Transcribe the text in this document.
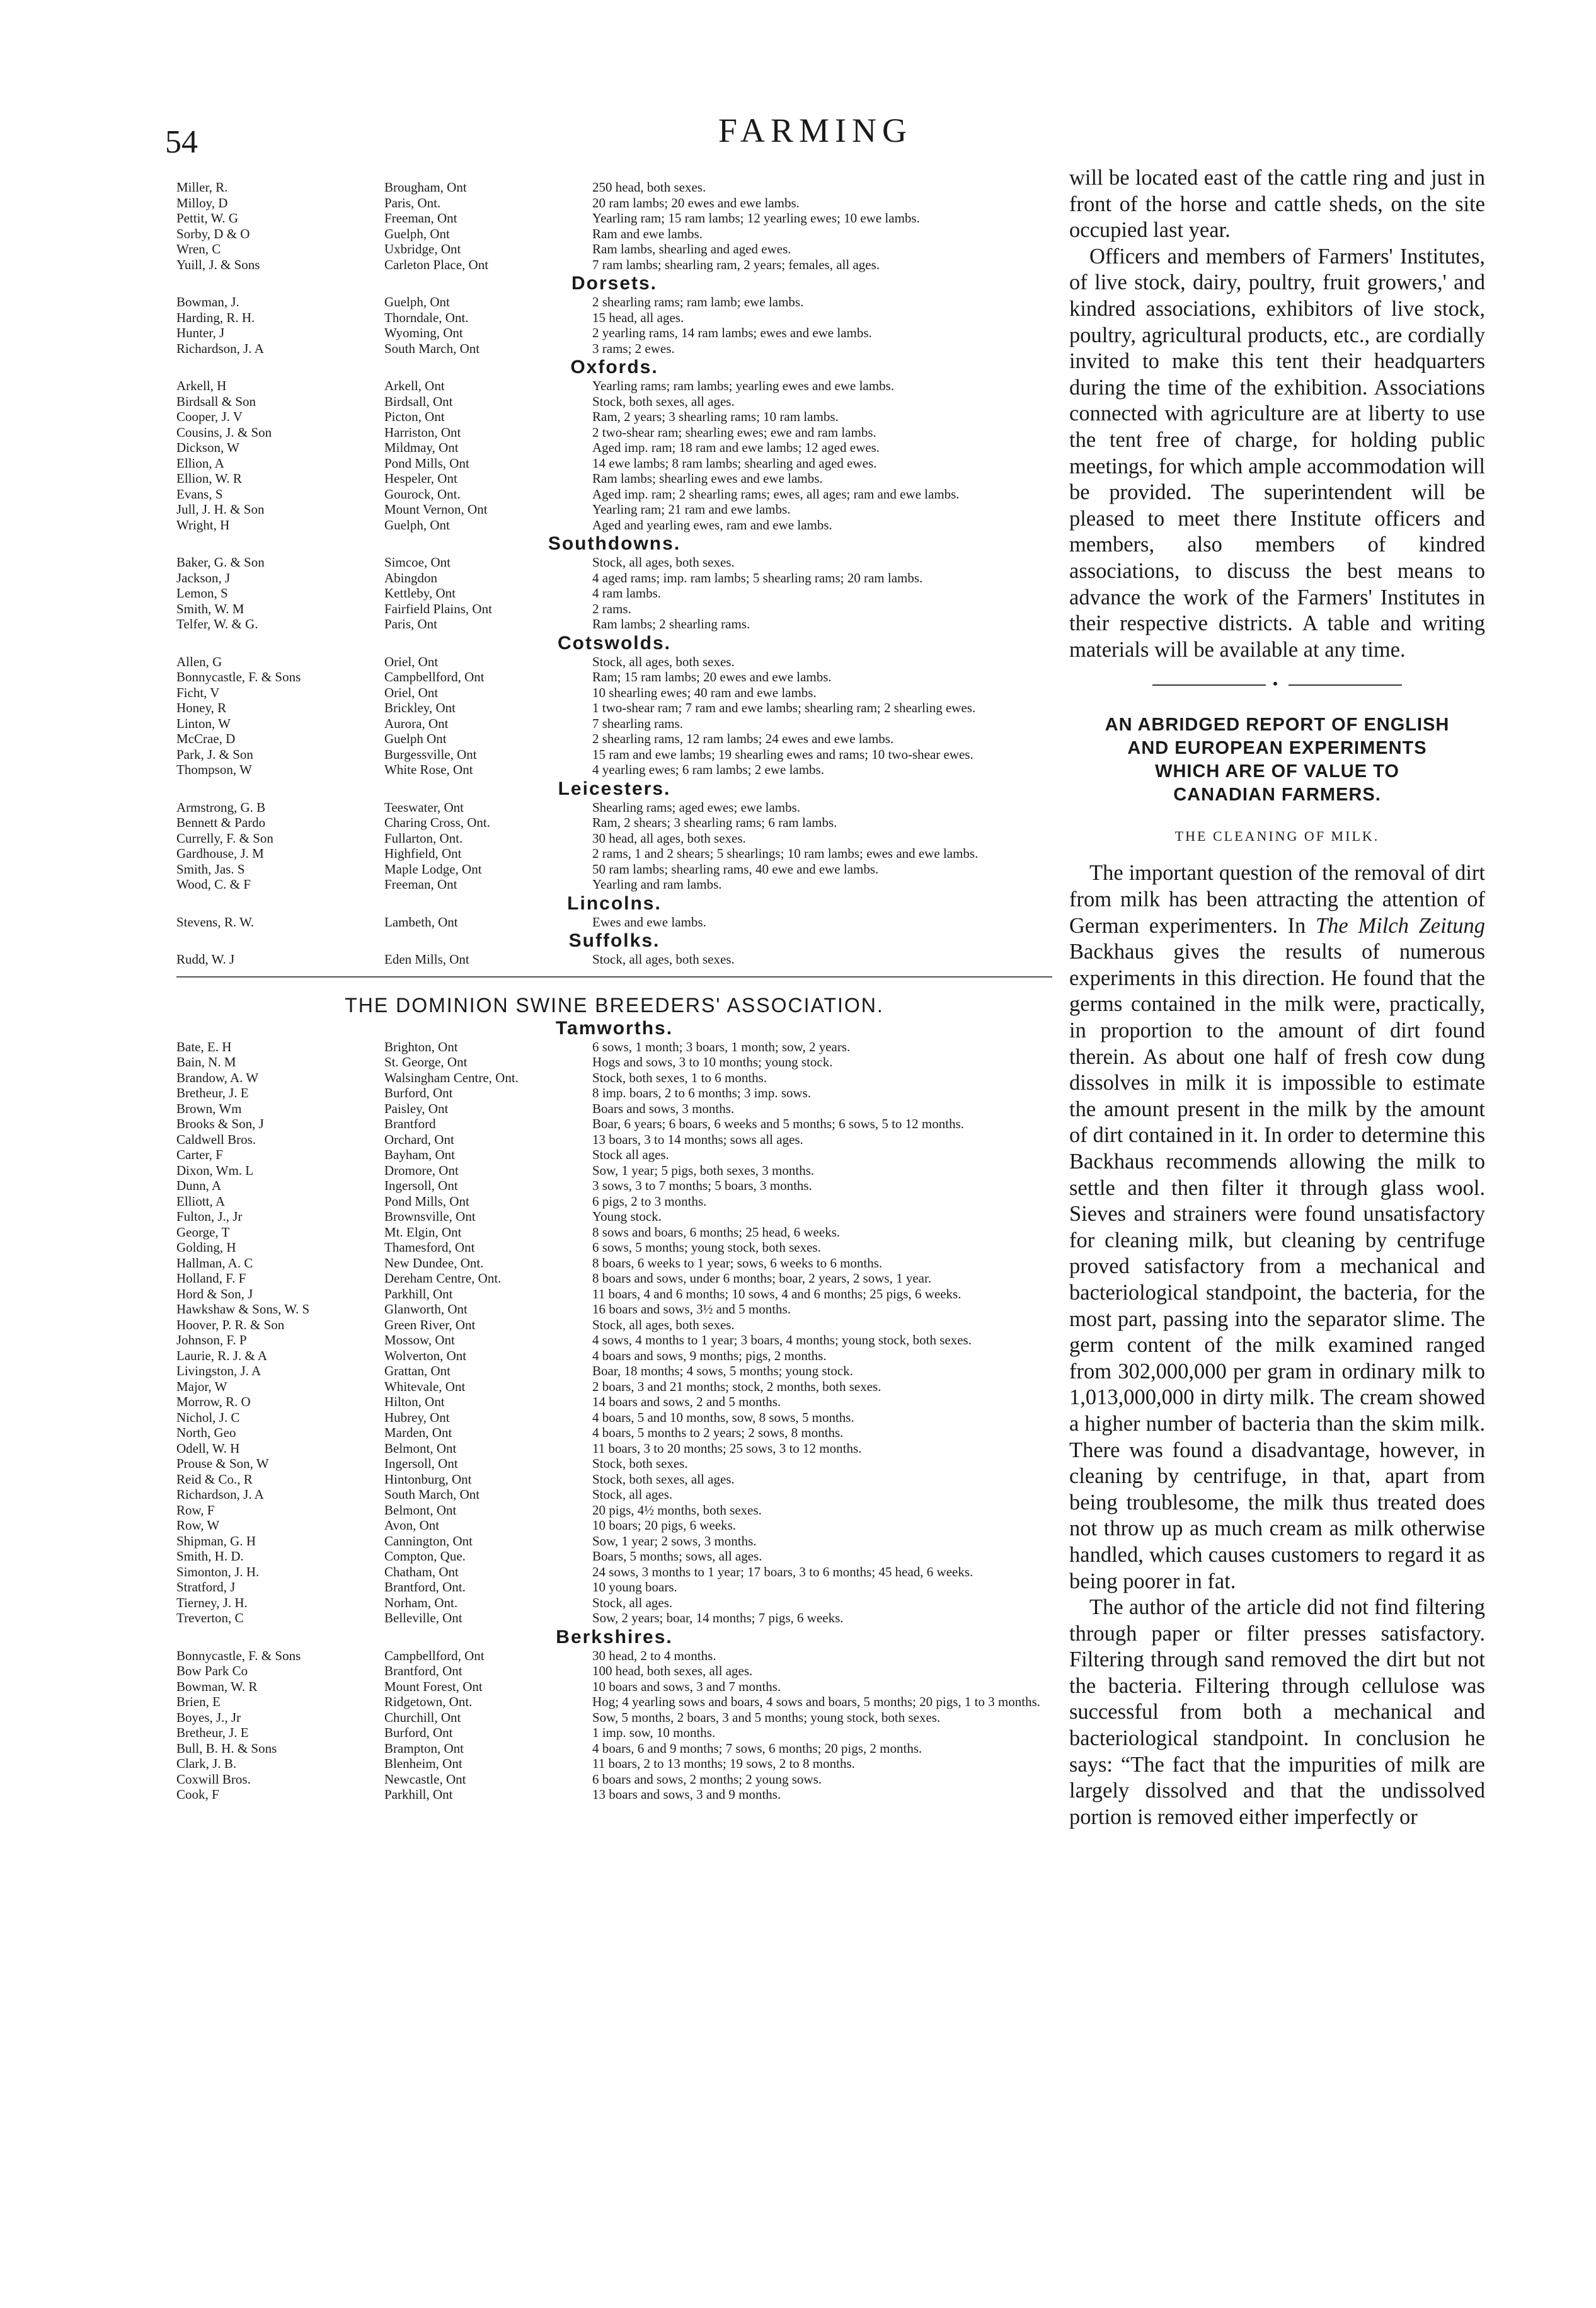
54	FARMING
Miller, R.	Brougham, Ont	250 head, both sexes.
Milloy, D	Paris, Ont.	20 ram lambs; 20 ewes and ewe lambs.
Pettit, W. G	Freeman, Ont	Yearling ram; 15 ram lambs; 12 yearling ewes; 10 ewe lambs.
Sorby, D & O	Guelph, Ont	Ram and ewe lambs.
Wren, C	Uxbridge, Ont	Ram lambs, shearling and aged ewes.
Yuill, J. & Sons	Carleton Place, Ont	7 ram lambs; shearling ram, 2 years; females, all ages.
Dorsets.
Bowman, J.	Guelph, Ont	2 shearling rams; ram lamb; ewe lambs.
Harding, R. H.	Thorndale, Ont.	15 head, all ages.
Hunter, J	Wyoming, Ont	2 yearling rams, 14 ram lambs; ewes and ewe lambs.
Richardson, J. A	South March, Ont	3 rams; 2 ewes.
Oxfords.
Arkell, H	Arkell, Ont	Yearling rams; ram lambs; yearling ewes and ewe lambs.
Birdsall & Son	Birdsall, Ont	Stock, both sexes, all ages.
Cooper, J. V	Picton, Ont	Ram, 2 years; 3 shearling rams; 10 ram lambs.
Cousins, J. & Son	Harriston, Ont	2 two-shear ram; shearling ewes; ewe and ram lambs.
Dickson, W	Mildmay, Ont	Aged imp. ram; 18 ram and ewe lambs; 12 aged ewes.
Ellion, A	Pond Mills, Ont	14 ewe lambs; 8 ram lambs; shearling and aged ewes.
Ellion, W. R	Hespeler, Ont	Ram lambs; shearling ewes and ewe lambs.
Evans, S	Gourock, Ont.	Aged imp. ram; 2 shearling rams; ewes, all ages; ram and ewe lambs.
Jull, J. H. & Son	Mount Vernon, Ont	Yearling ram; 21 ram and ewe lambs.
Wright, H	Guelph, Ont	Aged and yearling ewes, ram and ewe lambs.
Southdowns.
Baker, G. & Son	Simcoe, Ont	Stock, all ages, both sexes.
Jackson, J	Abingdon	4 aged rams; imp. ram lambs; 5 shearling rams; 20 ram lambs.
Lemon, S	Kettleby, Ont	4 ram lambs.
Smith, W. M	Fairfield Plains, Ont	2 rams.
Telfer, W. & G.	Paris, Ont	Ram lambs; 2 shearling rams.
Cotswolds.
Allen, G	Oriel, Ont	Stock, all ages, both sexes.
Bonnycastle, F. & Sons	Campbellford, Ont	Ram; 15 ram lambs; 20 ewes and ewe lambs.
Ficht, V	Oriel, Ont	10 shearling ewes; 40 ram and ewe lambs.
Honey, R	Brickley, Ont	1 two-shear ram; 7 ram and ewe lambs; shearling ram; 2 shearling ewes.
Linton, W	Aurora, Ont	7 shearling rams.
McCrae, D	Guelph Ont	2 shearling rams, 12 ram lambs; 24 ewes and ewe lambs.
Park, J. & Son	Burgessville, Ont	15 ram and ewe lambs; 19 shearling ewes and rams; 10 two-shear ewes.
Thompson, W	White Rose, Ont	4 yearling ewes; 6 ram lambs; 2 ewe lambs.
Leicesters.
Armstrong, G. B	Teeswater, Ont	Shearling rams; aged ewes; ewe lambs.
Bennett & Pardo	Charing Cross, Ont.	Ram, 2 shears; 3 shearling rams; 6 ram lambs.
Currelly, F. & Son	Fullarton, Ont.	30 head, all ages, both sexes.
Gardhouse, J. M	Highfield, Ont	2 rams, 1 and 2 shears; 5 shearlings; 10 ram lambs; ewes and ewe lambs.
Smith, Jas. S	Maple Lodge, Ont	50 ram lambs; shearling rams, 40 ewe and ewe lambs.
Wood, C. & F	Freeman, Ont	Yearling and ram lambs.
Lincolns.
Stevens, R. W.	Lambeth, Ont	Ewes and ewe lambs.
Suffolks.
Rudd, W. J	Eden Mills, Ont	Stock, all ages, both sexes.
THE DOMINION SWINE BREEDERS' ASSOCIATION.
Tamworths.
Bate, E. H	Brighton, Ont	6 sows, 1 month; 3 boars, 1 month; sow, 2 years.
Bain, N. M	St. George, Ont	Hogs and sows, 3 to 10 months; young stock.
Brandow, A. W	Walsingham Centre, Ont.	Stock, both sexes, 1 to 6 months.
Bretheur, J. E	Burford, Ont	8 imp. boars, 2 to 6 months; 3 imp. sows.
Brown, Wm	Paisley, Ont	Boars and sows, 3 months.
Brooks & Son, J	Brantford	Boar, 6 years; 6 boars, 6 weeks and 5 months; 6 sows, 5 to 12 months.
Caldwell Bros.	Orchard, Ont	13 boars, 3 to 14 months; sows all ages.
Carter, F	Bayham, Ont	Stock all ages.
Dixon, Wm. L	Dromore, Ont	Sow, 1 year; 5 pigs, both sexes, 3 months.
Dunn, A	Ingersoll, Ont	3 sows, 3 to 7 months; 5 boars, 3 months.
Elliott, A	Pond Mills, Ont	6 pigs, 2 to 3 months.
Fulton, J., Jr	Brownsville, Ont	Young stock.
George, T	Mt. Elgin, Ont	8 sows and boars, 6 months; 25 head, 6 weeks.
Golding, H	Thamesford, Ont	6 sows, 5 months; young stock, both sexes.
Hallman, A. C	New Dundee, Ont.	8 boars, 6 weeks to 1 year; sows, 6 weeks to 6 months.
Holland, F. F	Dereham Centre, Ont.	8 boars and sows, under 6 months; boar, 2 years, 2 sows, 1 year.
Hord & Son, J	Parkhill, Ont	11 boars, 4 and 6 months; 10 sows, 4 and 6 months; 25 pigs, 6 weeks.
Hawkshaw & Sons, W. S	Glanworth, Ont	16 boars and sows, 3½ and 5 months.
Hoover, P. R. & Son	Green River, Ont	Stock, all ages, both sexes.
Johnson, F. P	Mossow, Ont	4 sows, 4 months to 1 year; 3 boars, 4 months; young stock, both sexes.
Laurie, R. J. & A	Wolverton, Ont	4 boars and sows, 9 months; pigs, 2 months.
Livingston, J. A	Grattan, Ont	Boar, 18 months; 4 sows, 5 months; young stock.
Major, W	Whitevale, Ont	2 boars, 3 and 21 months; stock, 2 months, both sexes.
Morrow, R. O	Hilton, Ont	14 boars and sows, 2 and 5 months.
Nichol, J. C	Hubrey, Ont	4 boars, 5 and 10 months, sow, 8 sows, 5 months.
North, Geo	Marden, Ont	4 boars, 5 months to 2 years; 2 sows, 8 months.
Odell, W. H	Belmont, Ont	11 boars, 3 to 20 months; 25 sows, 3 to 12 months.
Prouse & Son, W	Ingersoll, Ont	Stock, both sexes.
Reid & Co., R	Hintonburg, Ont	Stock, both sexes, all ages.
Richardson, J. A	South March, Ont	Stock, all ages.
Row, F	Belmont, Ont	20 pigs, 4½ months, both sexes.
Row, W	Avon, Ont	10 boars; 20 pigs, 6 weeks.
Shipman, G. H	Cannington, Ont	Sow, 1 year; 2 sows, 3 months.
Smith, H. D.	Compton, Que.	Boars, 5 months; sows, all ages.
Simonton, J. H.	Chatham, Ont	24 sows, 3 months to 1 year; 17 boars, 3 to 6 months; 45 head, 6 weeks.
Stratford, J	Brantford, Ont.	10 young boars.
Tierney, J. H.	Norham, Ont.	Stock, all ages.
Treverton, C	Belleville, Ont	Sow, 2 years; boar, 14 months; 7 pigs, 6 weeks.
Berkshires.
Bonnycastle, F. & Sons	Campbellford, Ont	30 head, 2 to 4 months.
Bow Park Co	Brantford, Ont	100 head, both sexes, all ages.
Bowman, W. R	Mount Forest, Ont	10 boars and sows, 3 and 7 months.
Brien, E	Ridgetown, Ont.	Hog; 4 yearling sows and boars, 4 sows and boars, 5 months; 20 pigs, 1 to 3 months.
Boyes, J., Jr	Churchill, Ont	Sow, 5 months, 2 boars, 3 and 5 months; young stock, both sexes.
Bretheur, J. E	Burford, Ont	1 imp. sow, 10 months.
Bull, B. H. & Sons	Brampton, Ont	4 boars, 6 and 9 months; 7 sows, 6 months; 20 pigs, 2 months.
Clark, J. B.	Blenheim, Ont	11 boars, 2 to 13 months; 19 sows, 2 to 8 months.
Coxwill Bros.	Newcastle, Ont	6 boars and sows, 2 months; 2 young sows.
Cook, F	Parkhill, Ont	13 boars and sows, 3 and 9 months.

will be located east of the cattle ring and just in front of the horse and cattle sheds, on the site occupied last year.

Officers and members of Farmers' Institutes, of live stock, dairy, poultry, fruit growers,' and kindred associations, exhibitors of live stock, poultry, agricultural products, etc., are cordially invited to make this tent their headquarters during the time of the exhibition. Associations connected with agriculture are at liberty to use the tent free of charge, for holding public meetings, for which ample accommodation will be provided. The superintendent will be pleased to meet there Institute officers and members, also members of kindred associations, to discuss the best means to advance the work of the Farmers' Institutes in their respective districts. A table and writing materials will be available at any time.

•
AN ABRIDGED REPORT OF ENGLISH
AND EUROPEAN EXPERIMENTS
WHICH ARE OF VALUE TO
CANADIAN FARMERS.
THE CLEANING OF MILK.

The important question of the removal of dirt from milk has been attracting the attention of German experimenters. In The Milch Zeitung Backhaus gives the results of numerous experiments in this direction. He found that the germs contained in the milk were, practically, in proportion to the amount of dirt found therein. As about one half of fresh cow dung dissolves in milk it is impossible to estimate the amount present in the milk by the amount of dirt contained in it. In order to determine this Backhaus recommends allowing the milk to settle and then filter it through glass wool. Sieves and strainers were found unsatisfactory for cleaning milk, but cleaning by centrifuge proved satisfactory from a mechanical and bacteriological standpoint, the bacteria, for the most part, passing into the separator slime. The germ content of the milk examined ranged from 302,000,000 per gram in ordinary milk to 1,013,000,000 in dirty milk. The cream showed a higher number of bacteria than the skim milk. There was found a disadvantage, however, in cleaning by centrifuge, in that, apart from being troublesome, the milk thus treated does not throw up as much cream as milk otherwise handled, which causes customers to regard it as being poorer in fat.

The author of the article did not find filtering through paper or filter presses satisfactory. Filtering through sand removed the dirt but not the bacteria. Filtering through cellulose was successful from both a mechanical and bacteriological standpoint. In conclusion he says: “The fact that the impurities of milk are largely dissolved and that the undissolved portion is removed either imperfectly or
